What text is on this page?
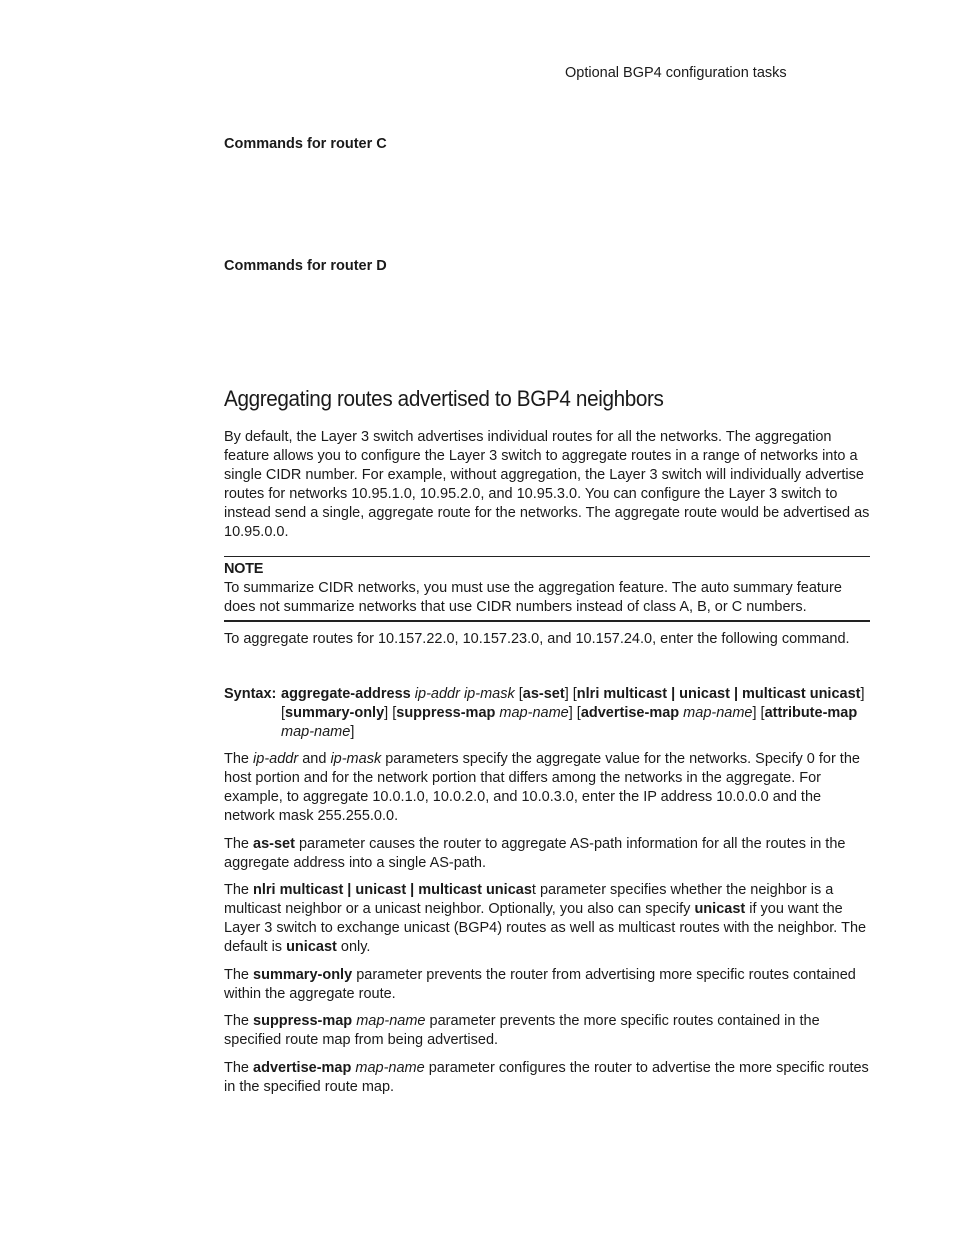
Optional BGP4 configuration tasks
Commands for router C
Commands for router D
Aggregating routes advertised to BGP4 neighbors

By default, the Layer 3 switch advertises individual routes for all the networks. The aggregation feature allows you to configure the Layer 3 switch to aggregate routes in a range of networks into a single CIDR number. For example, without aggregation, the Layer 3 switch will individually advertise routes for networks 10.95.1.0, 10.95.2.0, and 10.95.3.0. You can configure the Layer 3 switch to instead send a single, aggregate route for the networks. The aggregate route would be advertised as 10.95.0.0.

NOTE
To summarize CIDR networks, you must use the aggregation feature. The auto summary feature does not summarize networks that use CIDR numbers instead of class A, B, or C numbers.

To aggregate routes for 10.157.22.0, 10.157.23.0, and 10.157.24.0, enter the following command.

Syntax: aggregate-address ip-addr ip-mask [as-set] [nlri multicast | unicast | multicast unicast] [summary-only] [suppress-map map-name] [advertise-map map-name] [attribute-map map-name]

The ip-addr and ip-mask parameters specify the aggregate value for the networks. Specify 0 for the host portion and for the network portion that differs among the networks in the aggregate. For example, to aggregate 10.0.1.0, 10.0.2.0, and 10.0.3.0, enter the IP address 10.0.0.0 and the network mask 255.255.0.0.

The as-set parameter causes the router to aggregate AS-path information for all the routes in the aggregate address into a single AS-path.

The nlri multicast | unicast | multicast unicast parameter specifies whether the neighbor is a multicast neighbor or a unicast neighbor. Optionally, you also can specify unicast if you want the Layer 3 switch to exchange unicast (BGP4) routes as well as multicast routes with the neighbor. The default is unicast only.

The summary-only parameter prevents the router from advertising more specific routes contained within the aggregate route.

The suppress-map map-name parameter prevents the more specific routes contained in the specified route map from being advertised.

The advertise-map map-name parameter configures the router to advertise the more specific routes in the specified route map.
